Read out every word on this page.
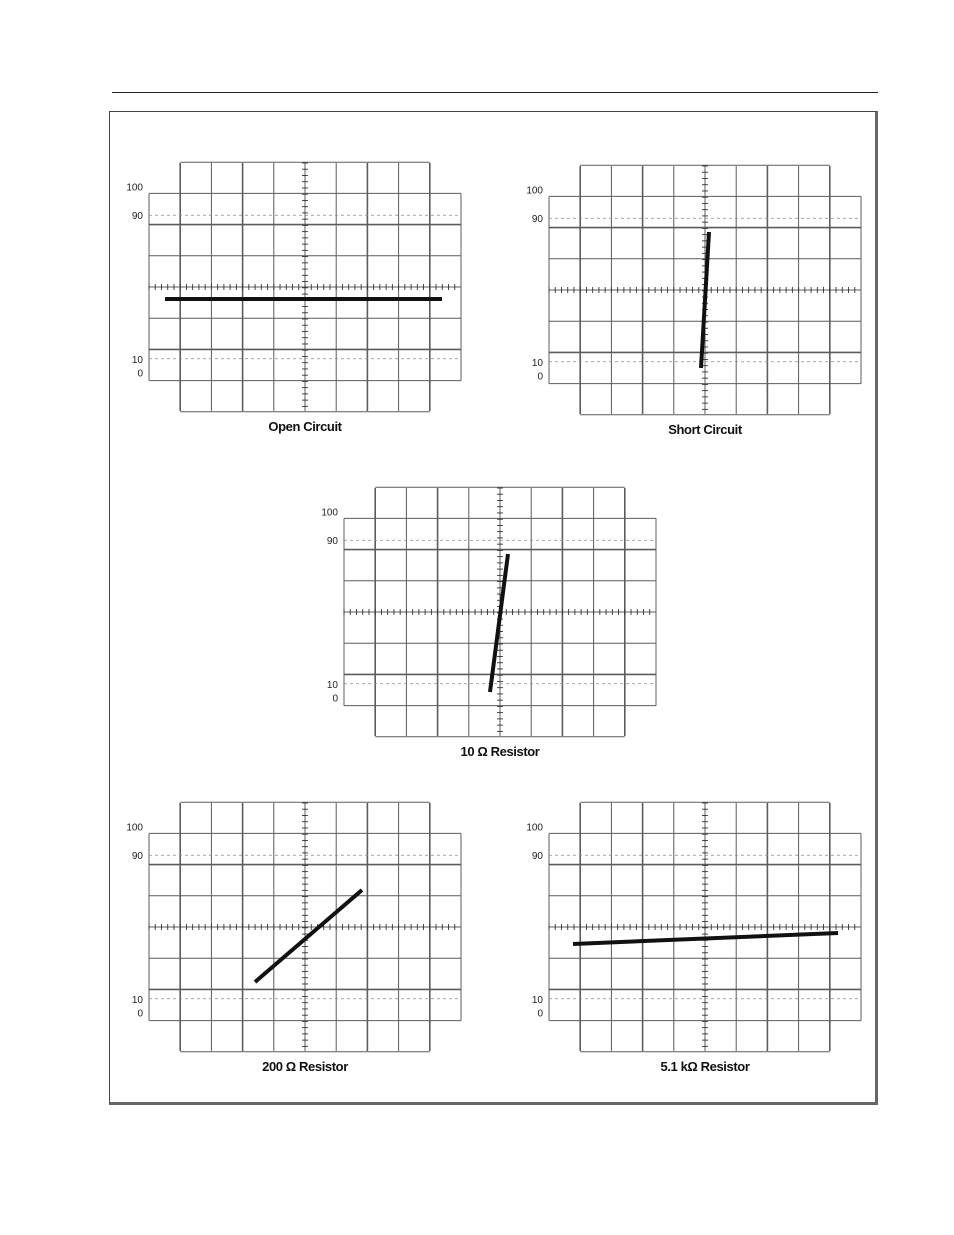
100
90
10
0
Open Circuit
100
90
10
0
Short Circuit
100
90
10
0
10 Ω Resistor
100
90
10
0
200 Ω Resistor
100
90
10
0
5.1 kΩ Resistor
